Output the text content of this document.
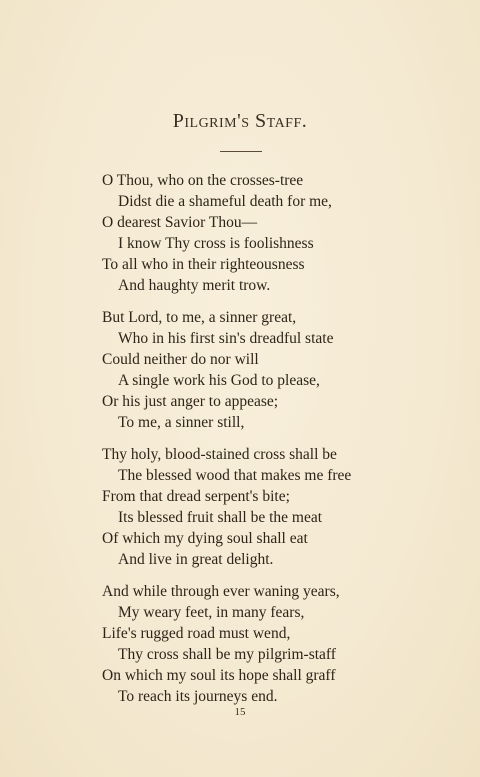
Pilgrim's Staff.
O Thou, who on the crosses-tree
Didst die a shameful death for me,
O dearest Savior Thou—
I know Thy cross is foolishness
To all who in their righteousness
And haughty merit trow.
But Lord, to me, a sinner great,
Who in his first sin's dreadful state
Could neither do nor will
A single work his God to please,
Or his just anger to appease;
To me, a sinner still,
Thy holy, blood-stained cross shall be
The blessed wood that makes me free
From that dread serpent's bite;
Its blessed fruit shall be the meat
Of which my dying soul shall eat
And live in great delight.
And while through ever waning years,
My weary feet, in many fears,
Life's rugged road must wend,
Thy cross shall be my pilgrim-staff
On which my soul its hope shall graff
To reach its journeys end.
15
